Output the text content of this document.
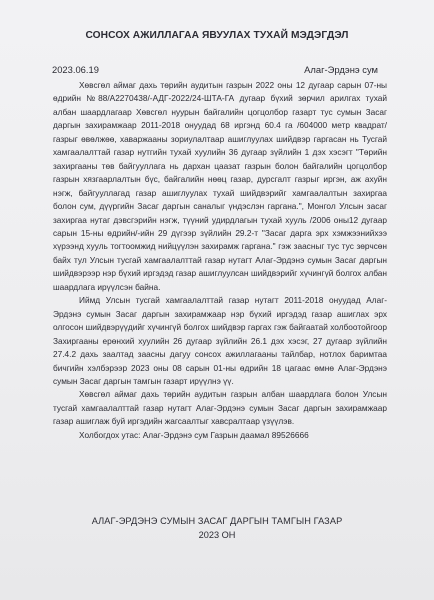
СОНСОХ АЖИЛЛАГАА ЯВУУЛАХ ТУХАЙ МЭДЭГДЭЛ
2023.06.19	Алаг-Эрдэнэ сум

Хөвсгөл аймаг дахь төрийн аудитын газрын 2022 оны 12 дугаар сарын 07-ны өдрийн №88/А2270438/-АДГ-2022/24-ШТА-ГА дугаар бүхий зөрчил арилгах тухай албан шаардлагаар Хөвсгөл нуурын байгалийн цогцолбор газарт тус сумын Засаг даргын захирамжаар 2011-2018 онуудад 68 иргэнд 60.4 га /604000 метр квадрат/ газрыг өвөлжөө, хаваржааны зориулалтаар ашиглуулах шийдвэр гаргасан нь Тусгай хамгаалалттай газар нутгийн тухай хуулийн 36 дугаар зүйлийн 1 дэх хэсэгт "Төрийн захиргааны төв байгууллага нь дархан цаазат газрын болон байгалийн цогцолбор газрын хязгаарлалтын бүс, байгалийн нөөц газар, дурсгалт газрыг иргэн, аж ахуйн нэгж, байгууллагад газар ашиглуулах тухай шийдвэрийг хамгаалалтын захиргаа болон сум, дүүргийн Засаг даргын саналыг үндэслэн гаргана.", Монгол Улсын засаг захиргаа нутаг дэвсгэрийн нэгж, түүний удирдлагын тухай хууль /2006 оны12 дугаар сарын 15-ны өдрийн/-ийн 29 дүгээр зүйлийн 29.2-т "Засаг дарга эрх хэмжээнийхээ хүрээнд хууль тогтоомжид нийцүүлэн захирамж гаргана." гэж заасныг тус тус зөрчсөн байх тул Улсын тусгай хамгаалалттай газар нутагт Алаг-Эрдэнэ сумын Засаг даргын шийдвэрээр нэр бүхий иргэдэд газар ашиглуулсан шийдвэрийг хүчингүй болгох албан шаардлага ирүүлсэн байна.

Иймд Улсын тусгай хамгаалалттай газар нутагт 2011-2018 онуудад Алаг-Эрдэнэ сумын Засаг даргын захирамжаар нэр бүхий иргэдэд газар ашиглах эрх олгосон шийдвэрүүдийг хүчингүй болгох шийдвэр гаргах гэж байгаатай холбоотойгоор Захиргааны ерөнхий хуулийн 26 дугаар зүйлийн 26.1 дэх хэсэг, 27 дугаар зүйлийн 27.4.2 дахь заалтад заасны дагуу сонсох ажиллагааны тайлбар, нотлох баримтаа бичгийн хэлбэрээр 2023 оны 08 сарын 01-ны өдрийн 18 цагаас өмнө Алаг-Эрдэнэ сумын Засаг даргын тамгын газарт ирүүлнэ үү.

Хөвсгөл аймаг дахь төрийн аудитын газрын албан шаардлага болон Улсын тусгай хамгаалалттай газар нутагт Алаг-Эрдэнэ сумын Засаг даргын захирамжаар газар ашиглаж буй иргэдийн жагсаалтыг хавсралтаар үзүүлэв.

Холбогдох утас: Алаг-Эрдэнэ сум Газрын даамал 89526666

АЛАГ-ЭРДЭНЭ СУМЫН ЗАСАГ ДАРГЫН ТАМГЫН ГАЗАР
2023 ОН
